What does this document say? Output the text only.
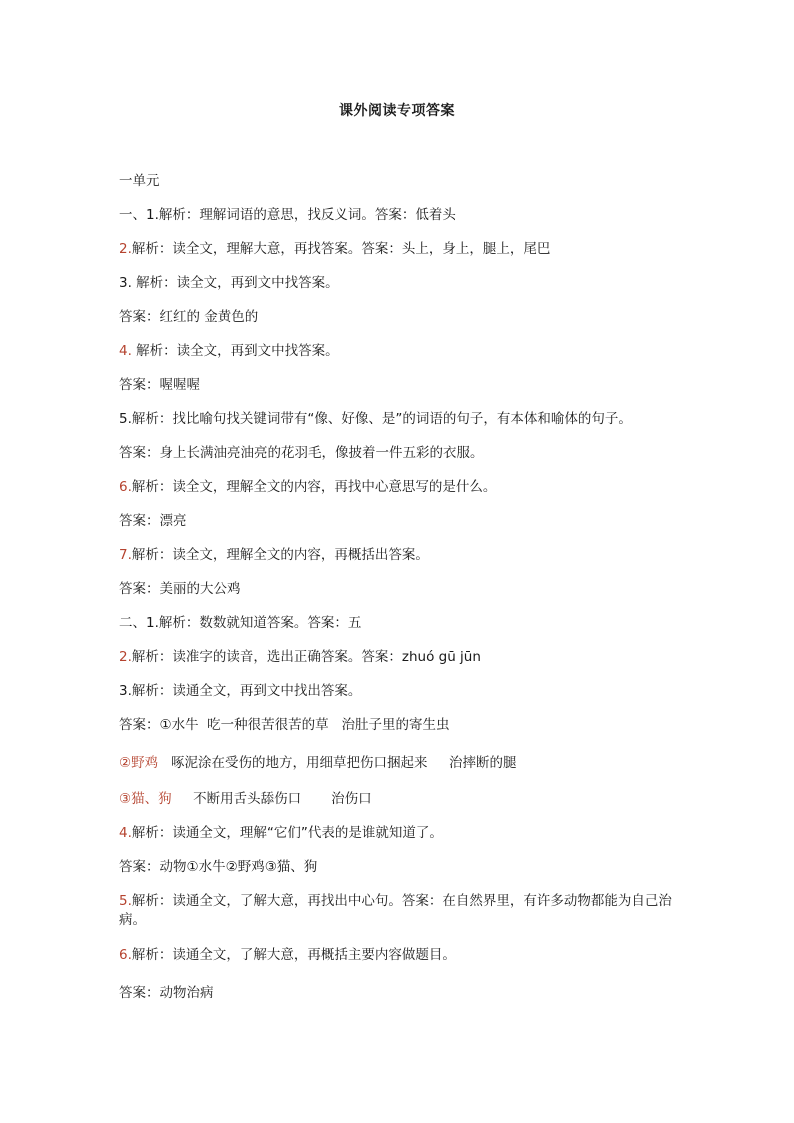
课外阅读专项答案
一单元
一、1.解析：理解词语的意思，找反义词。答案：低着头
2.解析：读全文，理解大意，再找答案。答案：头上，身上，腿上，尾巴
3. 解析：读全文，再到文中找答案。
答案：红红的 金黄色的
4. 解析：读全文，再到文中找答案。
答案：喔喔喔
5.解析：找比喻句找关键词带有“像、好像、是”的词语的句子，有本体和喻体的句子。
答案：身上长满油亮油亮的花羽毛，像披着一件五彩的衣服。
6.解析：读全文，理解全文的内容，再找中心意思写的是什么。
答案：漂亮
7.解析：读全文，理解全文的内容，再概括出答案。
答案：美丽的大公鸡
二、1.解析：数数就知道答案。答案：五
2.解析：读准字的读音，选出正确答案。答案：zhuó gū jūn
3.解析：读通全文，再到文中找出答案。
答案：①水牛  吃一种很苦很苦的草   治肚子里的寄生虫
②野鸡   啄泥涂在受伤的地方，用细草把伤口捆起来     治摔断的腿
③猫、狗     不断用舌头舔伤口       治伤口
4.解析：读通全文，理解“它们”代表的是谁就知道了。
答案：动物①水牛②野鸡③猫、狗
5.解析：读通全文，了解大意，再找出中心句。答案：在自然界里，有许多动物都能为自己治病。
6.解析：读通全文，了解大意，再概括主要内容做题目。
答案：动物治病
